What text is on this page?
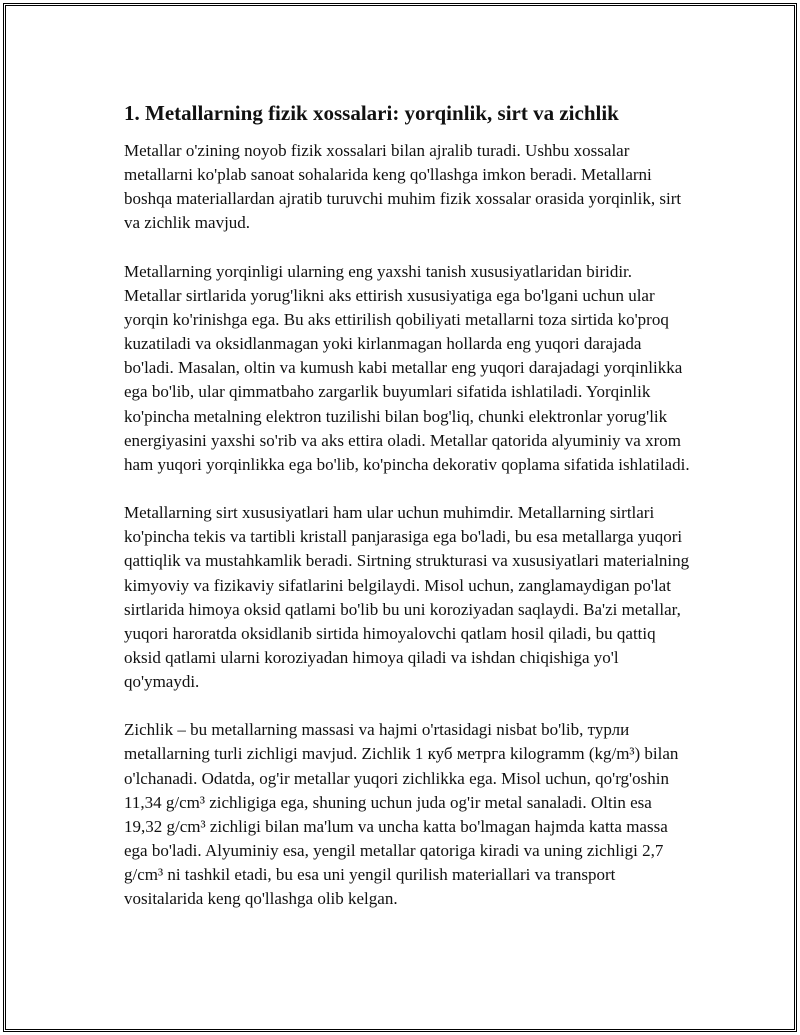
1. Metallarning fizik xossalari: yorqinlik, sirt va zichlik

Metallar o'zining noyob fizik xossalari bilan ajralib turadi. Ushbu xossalar metallarni ko'plab sanoat sohalarida keng qo'llashga imkon beradi. Metallarni boshqa materiallardan ajratib turuvchi muhim fizik xossalar orasida yorqinlik, sirt va zichlik mavjud.

Metallarning yorqinligi ularning eng yaxshi tanish xususiyatlaridan biridir. Metallar sirtlarida yorug'likni aks ettirish xususiyatiga ega bo'lgani uchun ular yorqin ko'rinishga ega. Bu aks ettirilish qobiliyati metallarni toza sirtida ko'proq kuzatiladi va oksidlanmagan yoki kirlanmagan hollarda eng yuqori darajada bo'ladi. Masalan, oltin va kumush kabi metallar eng yuqori darajadagi yorqinlikka ega bo'lib, ular qimmatbaho zargarlik buyumlari sifatida ishlatiladi. Yorqinlik ko'pincha metalning elektron tuzilishi bilan bog'liq, chunki elektronlar yorug'lik energiyasini yaxshi so'rib va aks ettira oladi. Metallar qatorida alyuminiy va xrom ham yuqori yorqinlikka ega bo'lib, ko'pincha dekorativ qoplama sifatida ishlatiladi.

Metallarning sirt xususiyatlari ham ular uchun muhimdir. Metallarning sirtlari ko'pincha tekis va tartibli kristall panjarasiga ega bo'ladi, bu esa metallarga yuqori qattiqlik va mustahkamlik beradi. Sirtning strukturasi va xususiyatlari materialning kimyoviy va fizikaviy sifatlarini belgilaydi. Misol uchun, zanglamaydigan po'lat sirtlarida himoya oksid qatlami bo'lib bu uni koroziyadan saqlaydi. Ba'zi metallar, yuqori haroratda oksidlanib sirtida himoyalovchi qatlam hosil qiladi, bu qattiq oksid qatlami ularni koroziyadan himoya qiladi va ishdan chiqishiga yo'l qo'ymaydi.

Zichlik – bu metallarning massasi va hajmi o'rtasidagi nisbat bo'lib, турли metallarning turli zichligi mavjud. Zichlik 1 куб метрга kilogramm (kg/m³) bilan o'lchanadi. Odatda, og'ir metallar yuqori zichlikka ega. Misol uchun, qo'rg'oshin 11,34 g/cm³ zichligiga ega, shuning uchun juda og'ir metal sanaladi. Oltin esa 19,32 g/cm³ zichligi bilan ma'lum va uncha katta bo'lmagan hajmda katta massa ega bo'ladi. Alyuminiy esa, yengil metallar qatoriga kiradi va uning zichligi 2,7 g/cm³ ni tashkil etadi, bu esa uni yengil qurilish materiallari va transport vositalarida keng qo'llashga olib kelgan.
